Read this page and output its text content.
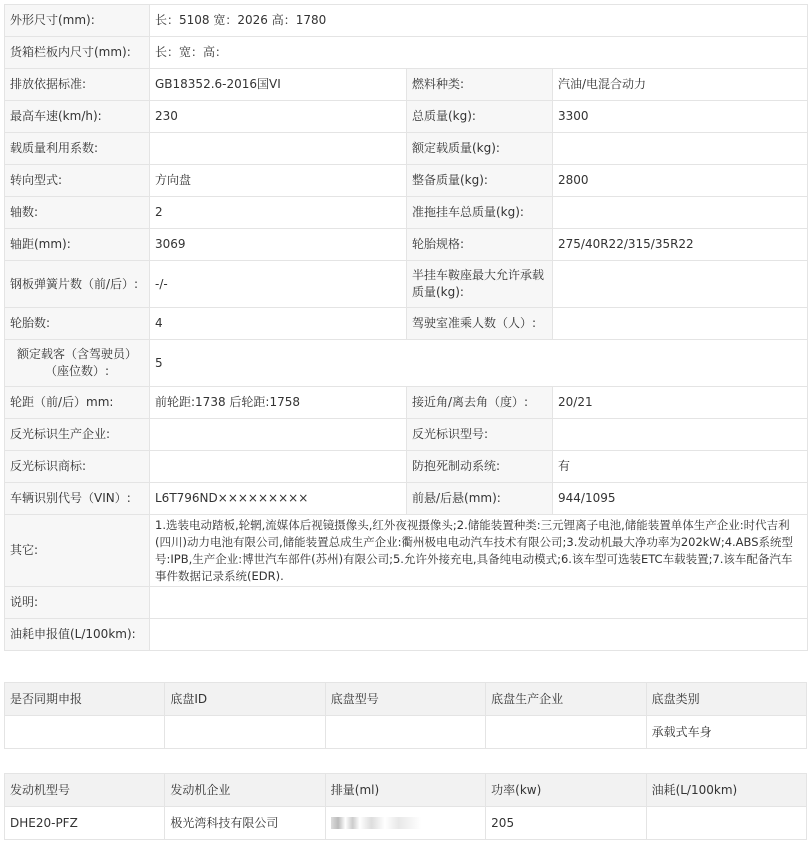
外形尺寸(mm):	长：5108 宽：2026 高：1780		
货箱栏板内尺寸(mm):	长：宽：高：		
排放依据标准:	GB18352.6-2016国VI	燃料种类:	汽油/电混合动力
最高车速(km/h):	230	总质量(kg):	3300
载质量利用系数:		额定载质量(kg):	
转向型式:	方向盘	整备质量(kg):	2800
轴数:	2	准拖挂车总质量(kg):	
轴距(mm):	3069	轮胎规格:	275/40R22/315/35R22
钢板弹簧片数（前/后）:	-/-	半挂车鞍座最大允许承载质量(kg):	
轮胎数:	4	驾驶室准乘人数（人）:	
额定载客（含驾驶员）（座位数）:	5		
轮距（前/后）mm:	前轮距:1738 后轮距:1758	接近角/离去角（度）:	20/21
反光标识生产企业:		反光标识型号:	
反光标识商标:		防抱死制动系统:	有
车辆识别代号（VIN）:	L6T796ND×××××××××	前悬/后悬(mm):	944/1095
其它:	1.选装电动踏板,轮辋,流媒体后视镜摄像头,红外夜视摄像头;2.储能装置种类:三元锂离子电池,储能装置单体生产企业:时代吉利(四川)动力电池有限公司,储能装置总成生产企业:衢州极电电动汽车技术有限公司;3.发动机最大净功率为202kW;4.ABS系统型号:IPB,生产企业:博世汽车部件(苏州)有限公司;5.允许外接充电,具备纯电动模式;6.该车型可选装ETC车载装置;7.该车配备汽车事件数据记录系统(EDR).		
说明:			
油耗申报值(L/100km):			
是否同期申报	底盘ID	底盘型号	底盘生产企业	底盘类别
				承载式车身
发动机型号	发动机企业	排量(ml)	功率(kw)	油耗(L/100km)
DHE20-PFZ	极光湾科技有限公司		205	
